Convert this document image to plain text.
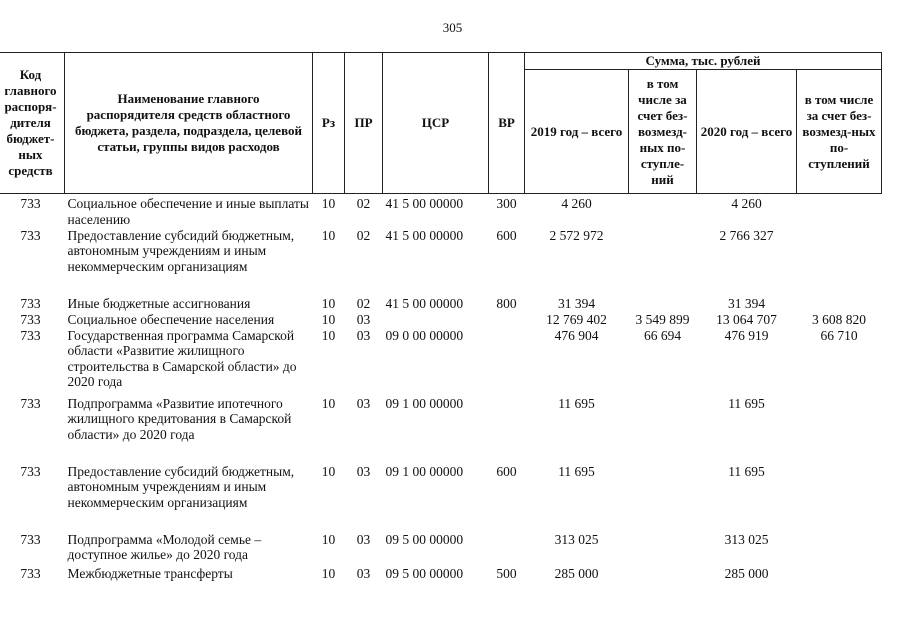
305
Код главного распоря-дителя бюджет-ных средств	Наименование главного распорядителя средств областного бюджета, раздела, подраздела, целевой статьи, группы видов расходов	Рз	ПР	ЦСР	ВР	Сумма, тыс. рублей			
						2019 год – всего	в том числе за счет без-возмезд-ных по-ступле-ний	2020 год – всего	в том числе за счет без-возмезд-ных по-ступлений
733	Социальное обеспечение и иные выплаты населению	10	02	41 5 00 00000	300	4 260		4 260	
733	Предоставление субсидий бюджетным, автономным учреждениям и иным некоммерческим организациям	10	02	41 5 00 00000	600	2 572 972		2 766 327	
733	Иные бюджетные ассигнования	10	02	41 5 00 00000	800	31 394		31 394	
733	Социальное обеспечение населения	10	03			12 769 402	3 549 899	13 064 707	3 608 820
733	Государственная программа Самарской области «Развитие жилищного строительства в Самарской области» до 2020 года	10	03	09 0 00 00000		476 904	66 694	476 919	66 710
733	Подпрограмма «Развитие ипотечного жилищного кредитования в Самарской области» до 2020 года	10	03	09 1 00 00000		11 695		11 695	
733	Предоставление субсидий бюджетным, автономным учреждениям и иным некоммерческим организациям	10	03	09 1 00 00000	600	11 695		11 695	
733	Подпрограмма «Молодой семье – доступное жилье» до 2020 года	10	03	09 5 00 00000		313 025		313 025	
733	Межбюджетные трансферты	10	03	09 5 00 00000	500	285 000		285 000	
